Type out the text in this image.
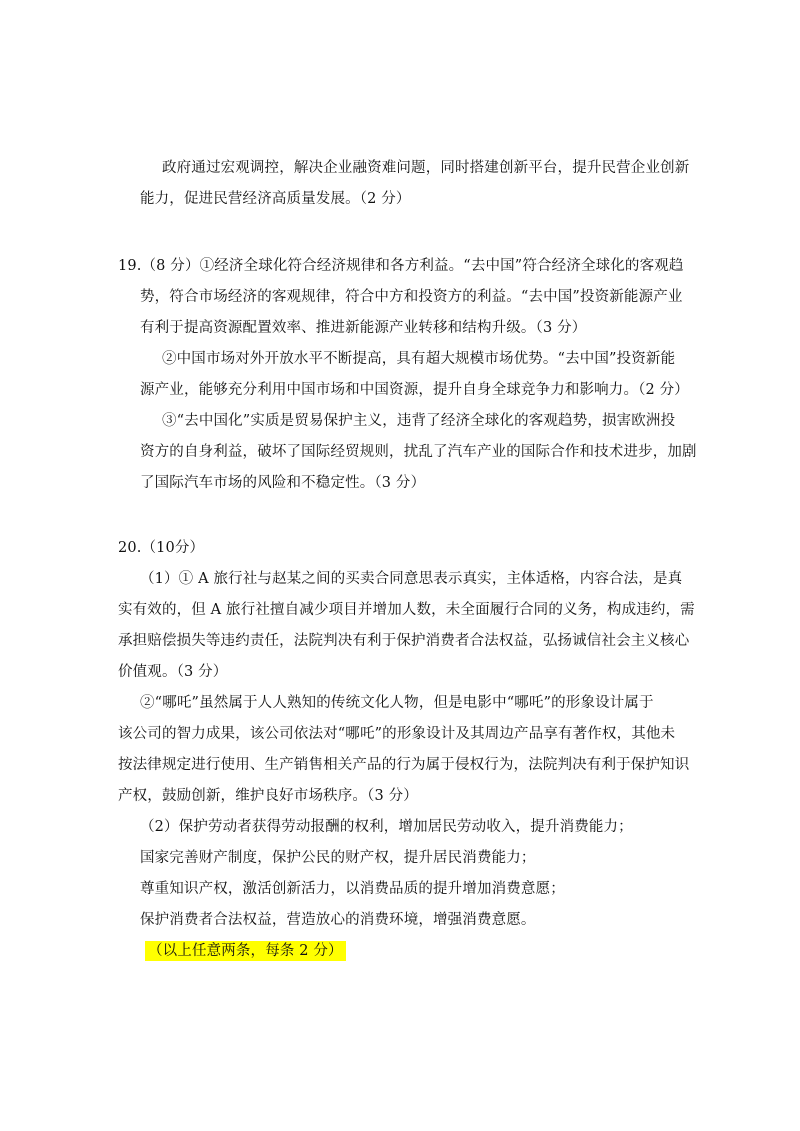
政府通过宏观调控，解决企业融资难问题，同时搭建创新平台，提升民营企业创新
能力，促进民营经济高质量发展。（2 分）
19.（8 分）①经济全球化符合经济规律和各方利益。“去中国”符合经济全球化的客观趋
势，符合市场经济的客观规律，符合中方和投资方的利益。“去中国”投资新能源产业
有利于提高资源配置效率、推进新能源产业转移和结构升级。（3 分）
②中国市场对外开放水平不断提高，具有超大规模市场优势。“去中国”投资新能
源产业，能够充分利用中国市场和中国资源，提升自身全球竞争力和影响力。（2 分）
③“去中国化”实质是贸易保护主义，违背了经济全球化的客观趋势，损害欧洲投
资方的自身利益，破坏了国际经贸规则，扰乱了汽车产业的国际合作和技术进步，加剧
了国际汽车市场的风险和不稳定性。（3 分）
20.（10分）
（1）① A 旅行社与赵某之间的买卖合同意思表示真实，主体适格，内容合法，是真
实有效的，但 A 旅行社擅自减少项目并增加人数，未全面履行合同的义务，构成违约，需
承担赔偿损失等违约责任，法院判决有利于保护消费者合法权益，弘扬诚信社会主义核心
价值观。（3 分）
②“哪吒”虽然属于人人熟知的传统文化人物，但是电影中“哪吒”的形象设计属于
该公司的智力成果，该公司依法对“哪吒”的形象设计及其周边产品享有著作权，其他未
按法律规定进行使用、生产销售相关产品的行为属于侵权行为，法院判决有利于保护知识
产权，鼓励创新，维护良好市场秩序。（3 分）
（2）保护劳动者获得劳动报酬的权利，增加居民劳动收入，提升消费能力；
国家完善财产制度，保护公民的财产权，提升居民消费能力；
尊重知识产权，激活创新活力，以消费品质的提升增加消费意愿；
保护消费者合法权益，营造放心的消费环境，增强消费意愿。
（以上任意两条，每条 2 分）
